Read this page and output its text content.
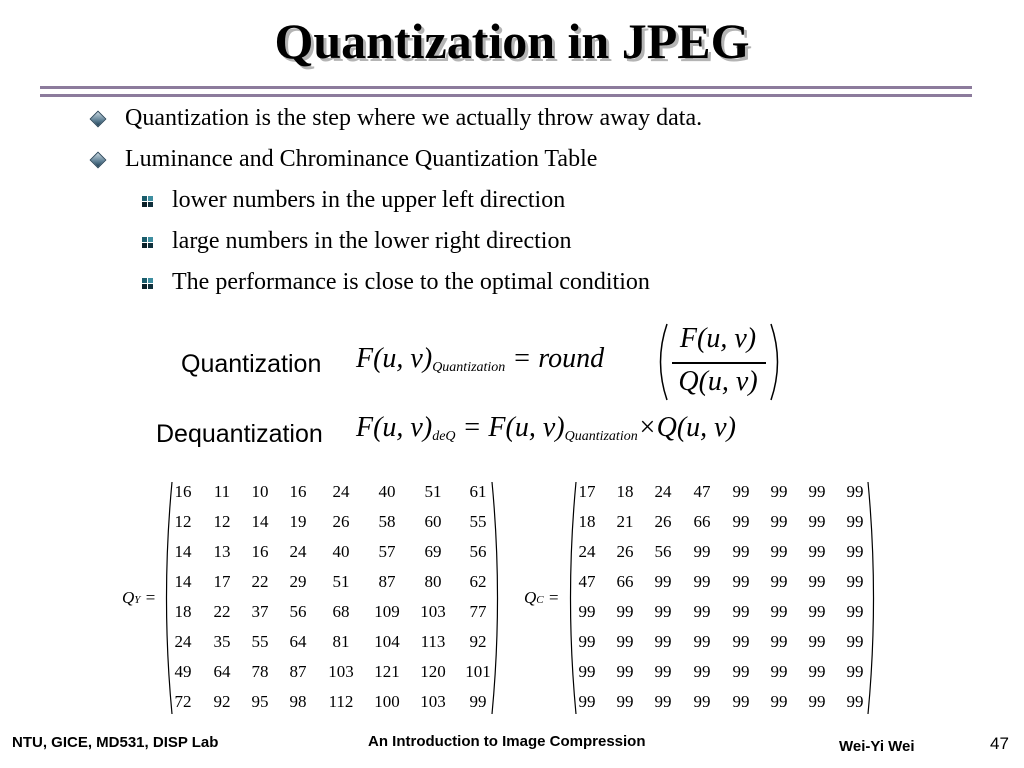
Quantization in JPEG
Quantization is the step where we actually throw away data.
Luminance and Chrominance Quantization Table
lower numbers in the upper left direction
large numbers in the lower right direction
The performance is close to the optimal condition
Quantization F(u, $v)_{Quantization}$ = round
F(u, v)
Q(u, v)
Dequantization F(u, $v)_{deQ} = F(u$, $v)_{Quantization}\times Q(u$, v)
QY =
16	11	10	16	24	40	51	61
12	12	14	19	26	58	60	55
14	13	16	24	40	57	69	56
14	17	22	29	51	87	80	62
18	22	37	56	68	109	103	77
24	35	55	64	81	104	113	92
49	64	78	87	103	121	120	101
72	92	95	98	112	100	103	99
QC =
17	18	24	47	99	99	99	99
18	21	26	66	99	99	99	99
24	26	56	99	99	99	99	99
47	66	99	99	99	99	99	99
99	99	99	99	99	99	99	99
99	99	99	99	99	99	99	99
99	99	99	99	99	99	99	99
99	99	99	99	99	99	99	99
NTU, GICE, MD531, DISP Lab	An Introduction to Image Compression	Wei-Yi Wei	47
